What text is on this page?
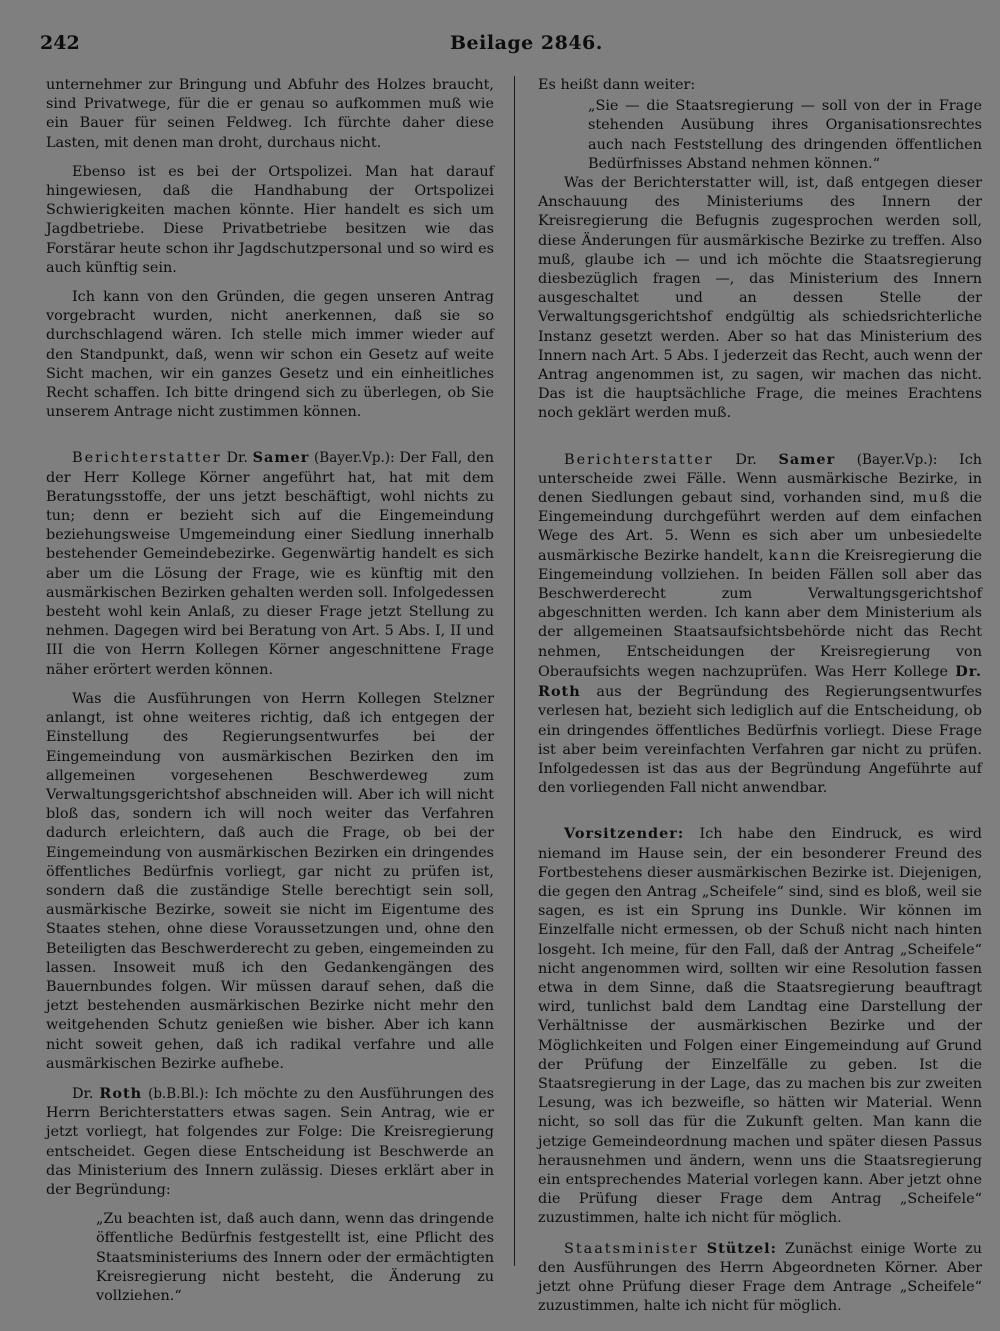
242	Beilage 2846.

unternehmer zur Bringung und Abfuhr des Holzes braucht, sind Privatwege, für die er genau so aufkommen muß wie ein Bauer für seinen Feldweg. Ich fürchte daher diese Lasten, mit denen man droht, durchaus nicht.

Ebenso ist es bei der Ortspolizei. Man hat darauf hingewiesen, daß die Handhabung der Ortspolizei Schwierigkeiten machen könnte. Hier handelt es sich um Jagdbetriebe. Diese Privatbetriebe besitzen wie das Forstärar heute schon ihr Jagdschutzpersonal und so wird es auch künftig sein.

Ich kann von den Gründen, die gegen unseren Antrag vorgebracht wurden, nicht anerkennen, daß sie so durchschlagend wären. Ich stelle mich immer wieder auf den Standpunkt, daß, wenn wir schon ein Gesetz auf weite Sicht machen, wir ein ganzes Gesetz und ein einheitliches Recht schaffen. Ich bitte dringend sich zu überlegen, ob Sie unserem Antrage nicht zustimmen können.

Berichterstatter Dr. Samer (Bayer.Vp.): Der Fall, den der Herr Kollege Körner angeführt hat, hat mit dem Beratungsstoffe, der uns jetzt beschäftigt, wohl nichts zu tun; denn er bezieht sich auf die Eingemeindung beziehungsweise Umgemeindung einer Siedlung innerhalb bestehender Gemeindebezirke. Gegenwärtig handelt es sich aber um die Lösung der Frage, wie es künftig mit den ausmärkischen Bezirken gehalten werden soll. Infolgedessen besteht wohl kein Anlaß, zu dieser Frage jetzt Stellung zu nehmen. Dagegen wird bei Beratung von Art. 5 Abs. I, II und III die von Herrn Kollegen Körner angeschnittene Frage näher erörtert werden können.

Was die Ausführungen von Herrn Kollegen Stelzner anlangt, ist ohne weiteres richtig, daß ich entgegen der Einstellung des Regierungsentwurfes bei der Eingemeindung von ausmärkischen Bezirken den im allgemeinen vorgesehenen Beschwerdeweg zum Verwaltungsgerichtshof abschneiden will. Aber ich will nicht bloß das, sondern ich will noch weiter das Verfahren dadurch erleichtern, daß auch die Frage, ob bei der Eingemeindung von ausmärkischen Bezirken ein dringendes öffentliches Bedürfnis vorliegt, gar nicht zu prüfen ist, sondern daß die zuständige Stelle berechtigt sein soll, ausmärkische Bezirke, soweit sie nicht im Eigentume des Staates stehen, ohne diese Voraussetzungen und, ohne den Beteiligten das Beschwerderecht zu geben, eingemeinden zu lassen. Insoweit muß ich den Gedankengängen des Bauernbundes folgen. Wir müssen darauf sehen, daß die jetzt bestehenden ausmärkischen Bezirke nicht mehr den weitgehenden Schutz genießen wie bisher. Aber ich kann nicht soweit gehen, daß ich radikal verfahre und alle ausmärkischen Bezirke aufhebe.

Dr. Roth (b.B.Bl.): Ich möchte zu den Ausführungen des Herrn Berichterstatters etwas sagen. Sein Antrag, wie er jetzt vorliegt, hat folgendes zur Folge: Die Kreisregierung entscheidet. Gegen diese Entscheidung ist Beschwerde an das Ministerium des Innern zulässig. Dieses erklärt aber in der Begründung:

„Zu beachten ist, daß auch dann, wenn das dringende öffentliche Bedürfnis festgestellt ist, eine Pflicht des Staatsministeriums des Innern oder der ermächtigten Kreisregierung nicht besteht, die Änderung zu vollziehen.“

Es heißt dann weiter:

„Sie — die Staatsregierung — soll von der in Frage stehenden Ausübung ihres Organisationsrechtes auch nach Feststellung des dringenden öffentlichen Bedürfnisses Abstand nehmen können.“

Was der Berichterstatter will, ist, daß entgegen dieser Anschauung des Ministeriums des Innern der Kreisregierung die Befugnis zugesprochen werden soll, diese Änderungen für ausmärkische Bezirke zu treffen. Also muß, glaube ich — und ich möchte die Staatsregierung diesbezüglich fragen —, das Ministerium des Innern ausgeschaltet und an dessen Stelle der Verwaltungsgerichtshof endgültig als schiedsrichterliche Instanz gesetzt werden. Aber so hat das Ministerium des Innern nach Art. 5 Abs. I jederzeit das Recht, auch wenn der Antrag angenommen ist, zu sagen, wir machen das nicht. Das ist die hauptsächliche Frage, die meines Erachtens noch geklärt werden muß.

Berichterstatter Dr. Samer (Bayer.Vp.): Ich unterscheide zwei Fälle. Wenn ausmärkische Bezirke, in denen Siedlungen gebaut sind, vorhanden sind, muß die Eingemeindung durchgeführt werden auf dem einfachen Wege des Art. 5. Wenn es sich aber um unbesiedelte ausmärkische Bezirke handelt, kann die Kreisregierung die Eingemeindung vollziehen. In beiden Fällen soll aber das Beschwerderecht zum Verwaltungsgerichtshof abgeschnitten werden. Ich kann aber dem Ministerium als der allgemeinen Staatsaufsichtsbehörde nicht das Recht nehmen, Entscheidungen der Kreisregierung von Oberaufsichts wegen nachzuprüfen. Was Herr Kollege Dr. Roth aus der Begründung des Regierungsentwurfes verlesen hat, bezieht sich lediglich auf die Entscheidung, ob ein dringendes öffentliches Bedürfnis vorliegt. Diese Frage ist aber beim vereinfachten Verfahren gar nicht zu prüfen. Infolgedessen ist das aus der Begründung Angeführte auf den vorliegenden Fall nicht anwendbar.

Vorsitzender: Ich habe den Eindruck, es wird niemand im Hause sein, der ein besonderer Freund des Fortbestehens dieser ausmärkischen Bezirke ist. Diejenigen, die gegen den Antrag „Scheifele“ sind, sind es bloß, weil sie sagen, es ist ein Sprung ins Dunkle. Wir können im Einzelfalle nicht ermessen, ob der Schuß nicht nach hinten losgeht. Ich meine, für den Fall, daß der Antrag „Scheifele“ nicht angenommen wird, sollten wir eine Resolution fassen etwa in dem Sinne, daß die Staatsregierung beauftragt wird, tunlichst bald dem Landtag eine Darstellung der Verhältnisse der ausmärkischen Bezirke und der Möglichkeiten und Folgen einer Eingemeindung auf Grund der Prüfung der Einzelfälle zu geben. Ist die Staatsregierung in der Lage, das zu machen bis zur zweiten Lesung, was ich bezweifle, so hätten wir Material. Wenn nicht, so soll das für die Zukunft gelten. Man kann die jetzige Gemeindeordnung machen und später diesen Passus herausnehmen und ändern, wenn uns die Staatsregierung ein entsprechendes Material vorlegen kann. Aber jetzt ohne die Prüfung dieser Frage dem Antrag „Scheifele“ zuzustimmen, halte ich nicht für möglich.

Staatsminister Stützel: Zunächst einige Worte zu den Ausführungen des Herrn Abgeordneten Körner. Aber jetzt ohne Prüfung dieser Frage dem Antrage „Scheifele“ zuzustimmen, halte ich nicht für möglich.
